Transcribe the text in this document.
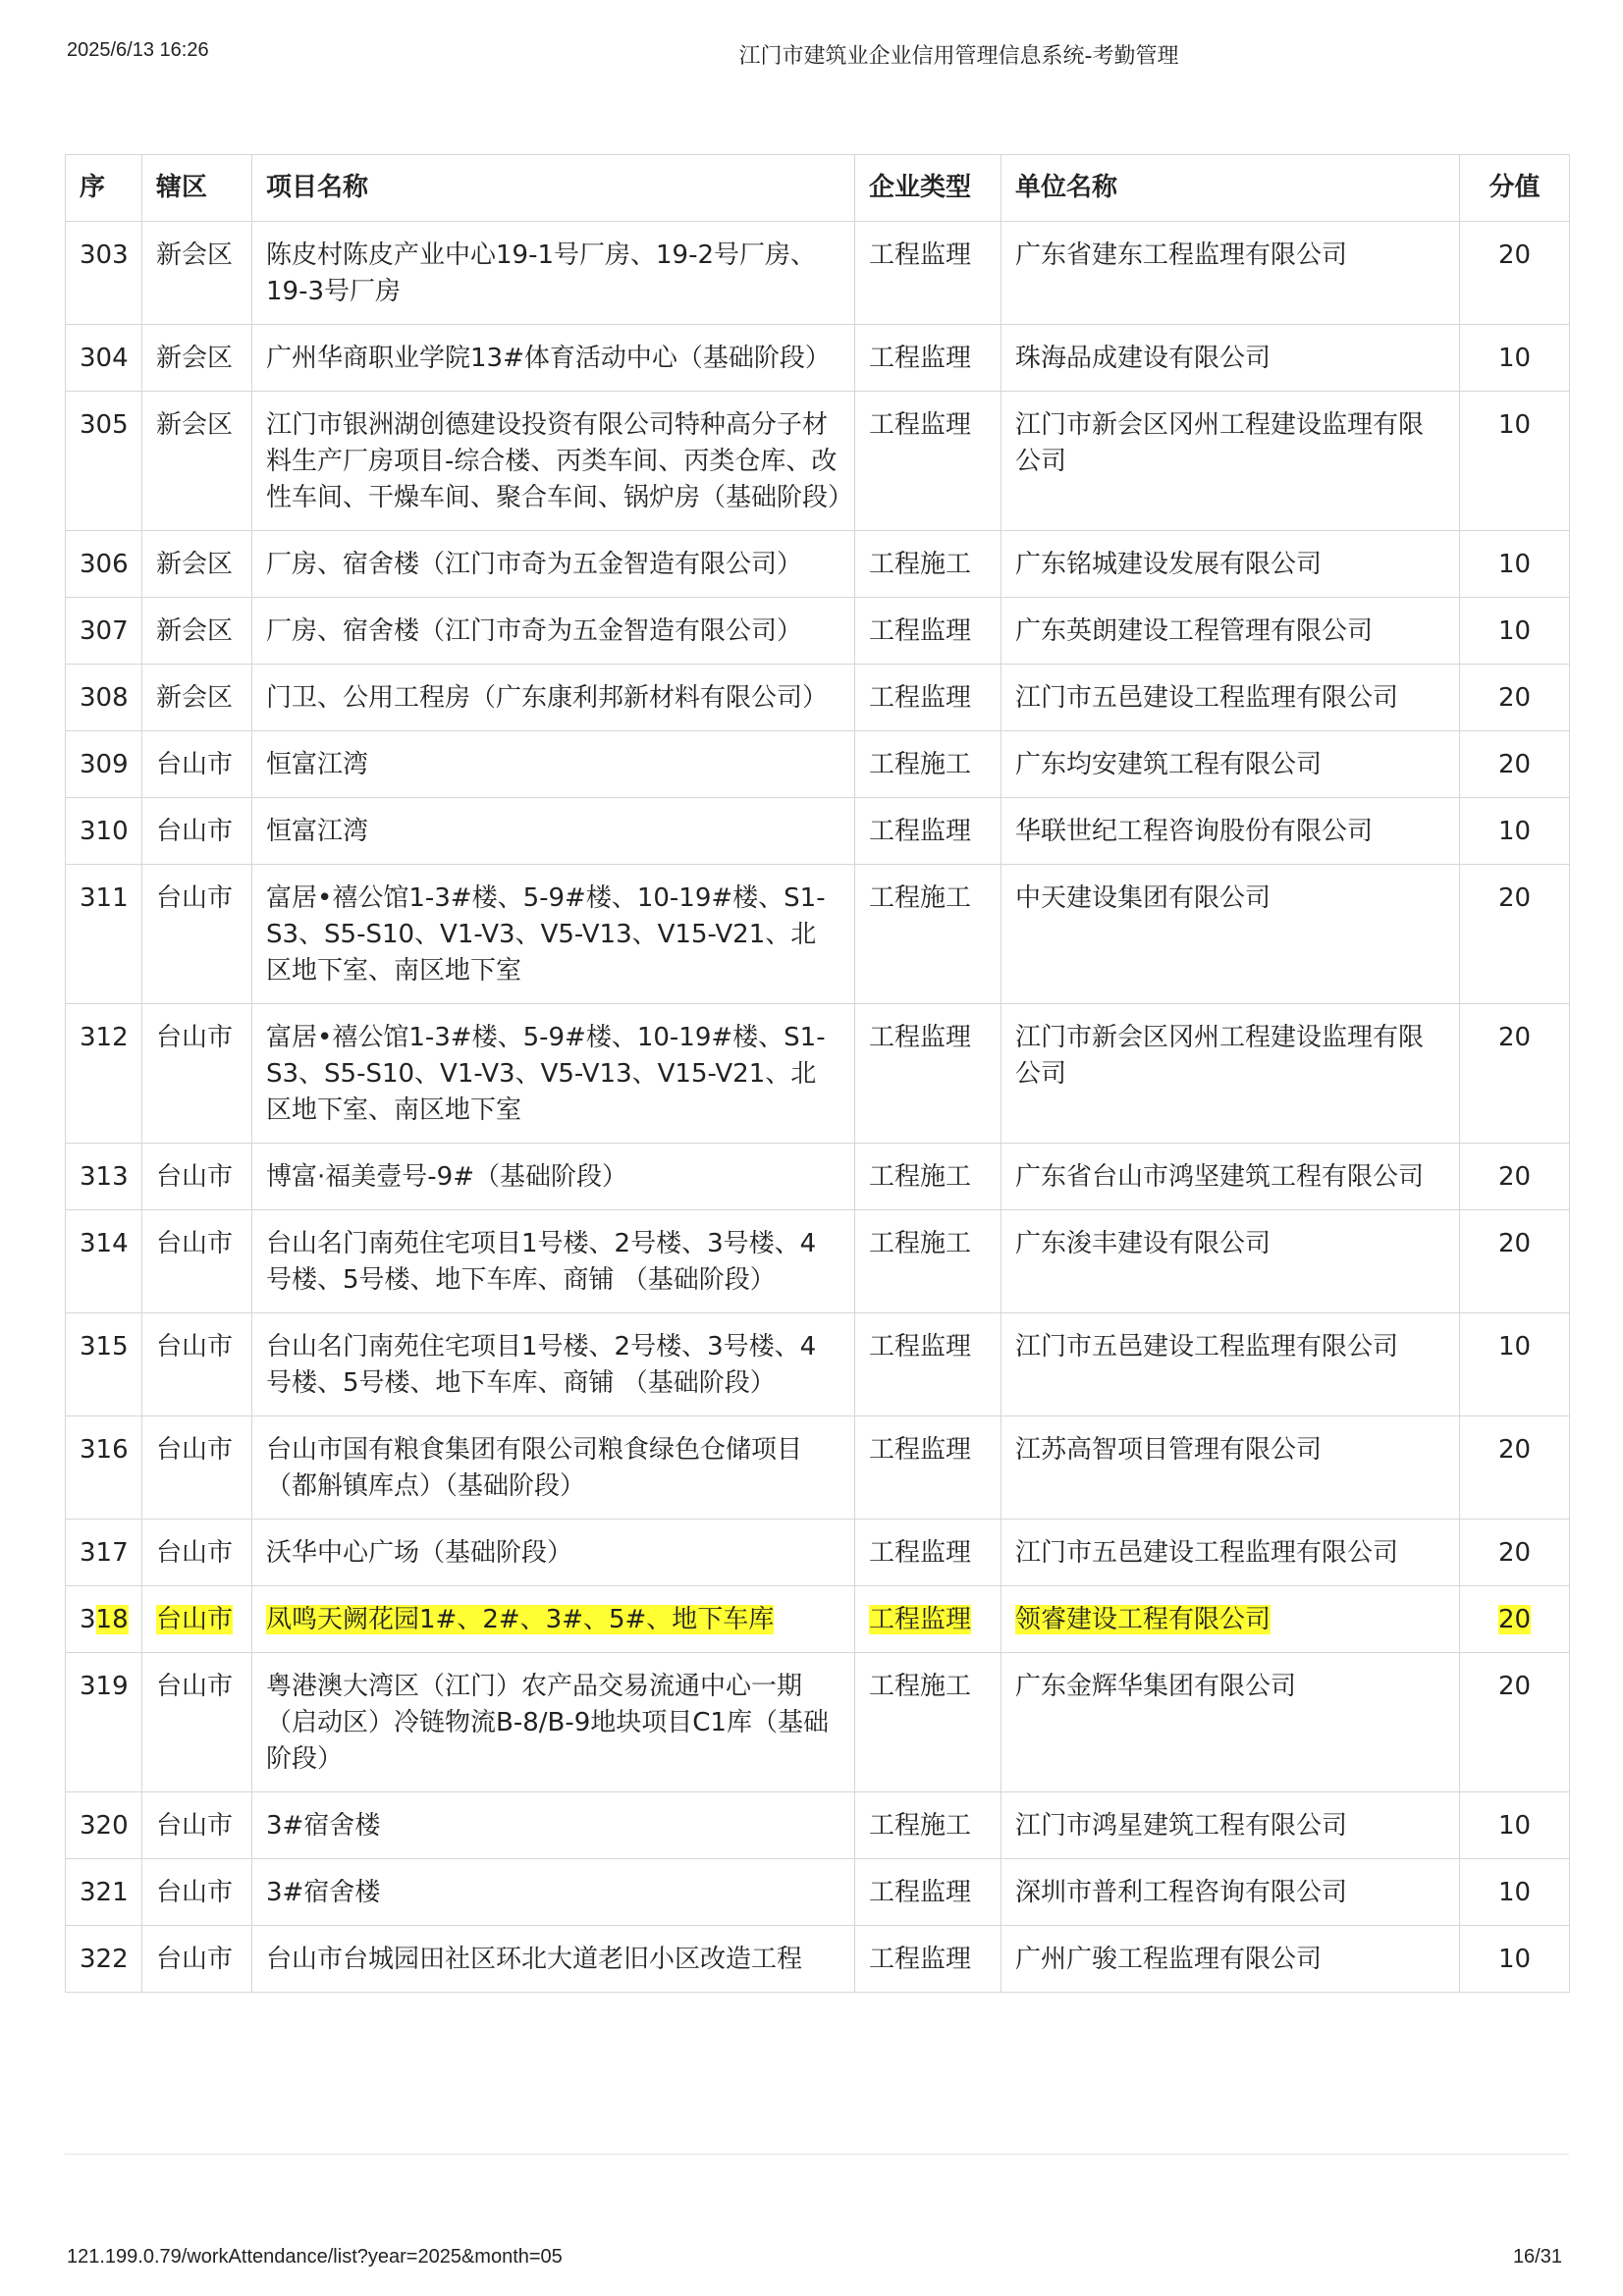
2025/6/13 16:26	江门市建筑业企业信用管理信息系统-考勤管理
序	辖区	项目名称	企业类型	单位名称	分值
303	新会区	陈皮村陈皮产业中心19-1号厂房、19-2号厂房、19-3号厂房	工程监理	广东省建东工程监理有限公司	20
304	新会区	广州华商职业学院13#体育活动中心（基础阶段）	工程监理	珠海品成建设有限公司	10
305	新会区	江门市银洲湖创德建设投资有限公司特种高分子材料生产厂房项目-综合楼、丙类车间、丙类仓库、改性车间、干燥车间、聚合车间、锅炉房（基础阶段）	工程监理	江门市新会区冈州工程建设监理有限公司	10
306	新会区	厂房、宿舍楼（江门市奇为五金智造有限公司）	工程施工	广东铭城建设发展有限公司	10
307	新会区	厂房、宿舍楼（江门市奇为五金智造有限公司）	工程监理	广东英朗建设工程管理有限公司	10
308	新会区	门卫、公用工程房（广东康利邦新材料有限公司）	工程监理	江门市五邑建设工程监理有限公司	20
309	台山市	恒富江湾	工程施工	广东均安建筑工程有限公司	20
310	台山市	恒富江湾	工程监理	华联世纪工程咨询股份有限公司	10
311	台山市	富居•禧公馆1-3#楼、5-9#楼、10-19#楼、S1-S3、S5-S10、V1-V3、V5-V13、V15-V21、北区地下室、南区地下室	工程施工	中天建设集团有限公司	20
312	台山市	富居•禧公馆1-3#楼、5-9#楼、10-19#楼、S1-S3、S5-S10、V1-V3、V5-V13、V15-V21、北区地下室、南区地下室	工程监理	江门市新会区冈州工程建设监理有限公司	20
313	台山市	博富·福美壹号-9#（基础阶段）	工程施工	广东省台山市鸿坚建筑工程有限公司	20
314	台山市	台山名门南苑住宅项目1号楼、2号楼、3号楼、4号楼、5号楼、地下车库、商铺 （基础阶段）	工程施工	广东浚丰建设有限公司	20
315	台山市	台山名门南苑住宅项目1号楼、2号楼、3号楼、4号楼、5号楼、地下车库、商铺 （基础阶段）	工程监理	江门市五邑建设工程监理有限公司	10
316	台山市	台山市国有粮食集团有限公司粮食绿色仓储项目（都斛镇库点）（基础阶段）	工程监理	江苏高智项目管理有限公司	20
317	台山市	沃华中心广场（基础阶段）	工程监理	江门市五邑建设工程监理有限公司	20
318	台山市	凤鸣天阙花园1#、2#、3#、5#、地下车库	工程监理	领睿建设工程有限公司	20
319	台山市	粤港澳大湾区（江门）农产品交易流通中心一期（启动区）冷链物流B-8/B-9地块项目C1库（基础阶段）	工程施工	广东金辉华集团有限公司	20
320	台山市	3#宿舍楼	工程施工	江门市鸿星建筑工程有限公司	10
321	台山市	3#宿舍楼	工程监理	深圳市普利工程咨询有限公司	10
322	台山市	台山市台城园田社区环北大道老旧小区改造工程	工程监理	广州广骏工程监理有限公司	10
121.199.0.79/workAttendance/list?year=2025&month=05	16/31
